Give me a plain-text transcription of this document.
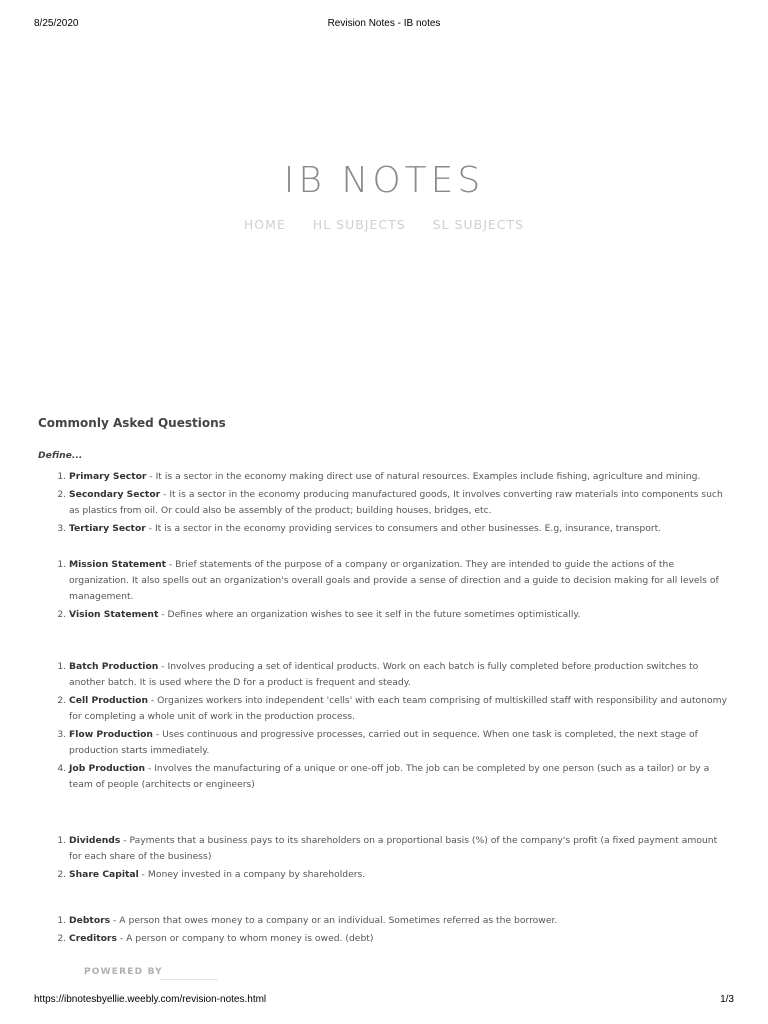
8/25/2020	Revision Notes - IB notes
IB NOTES
HOME HL SUBJECTS SL SUBJECTS
Commonly Asked Questions
Define...
1. Primary Sector - It is a sector in the economy making direct use of natural resources. Examples include fishing, agriculture and mining.
2. Secondary Sector - It is a sector in the economy producing manufactured goods, It involves converting raw materials into components such as plastics from oil. Or could also be assembly of the product; building houses, bridges, etc.
3. Tertiary Sector - It is a sector in the economy providing services to consumers and other businesses. E.g, insurance, transport.
1. Mission Statement - Brief statements of the purpose of a company or organization. They are intended to guide the actions of the organization. It also spells out an organization's overall goals and provide a sense of direction and a guide to decision making for all levels of management.
2. Vision Statement - Defines where an organization wishes to see it self in the future sometimes optimistically.
1. Batch Production - Involves producing a set of identical products. Work on each batch is fully completed before production switches to another batch. It is used where the D for a product is frequent and steady.
2. Cell Production - Organizes workers into independent 'cells' with each team comprising of multiskilled staff with responsibility and autonomy for completing a whole unit of work in the production process.
3. Flow Production - Uses continuous and progressive processes, carried out in sequence. When one task is completed, the next stage of production starts immediately.
4. Job Production - Involves the manufacturing of a unique or one-off job. The job can be completed by one person (such as a tailor) or by a team of people (architects or engineers)
1. Dividends - Payments that a business pays to its shareholders on a proportional basis (%) of the company's profit (a fixed payment amount for each share of the business)
2. Share Capital - Money invested in a company by shareholders.
1. Debtors - A person that owes money to a company or an individual. Sometimes referred as the borrower.
2. Creditors - A person or company to whom money is owed. (debt)
POWERED BY
https://ibnotesbyellie.weebly.com/revision-notes.html	1/3
